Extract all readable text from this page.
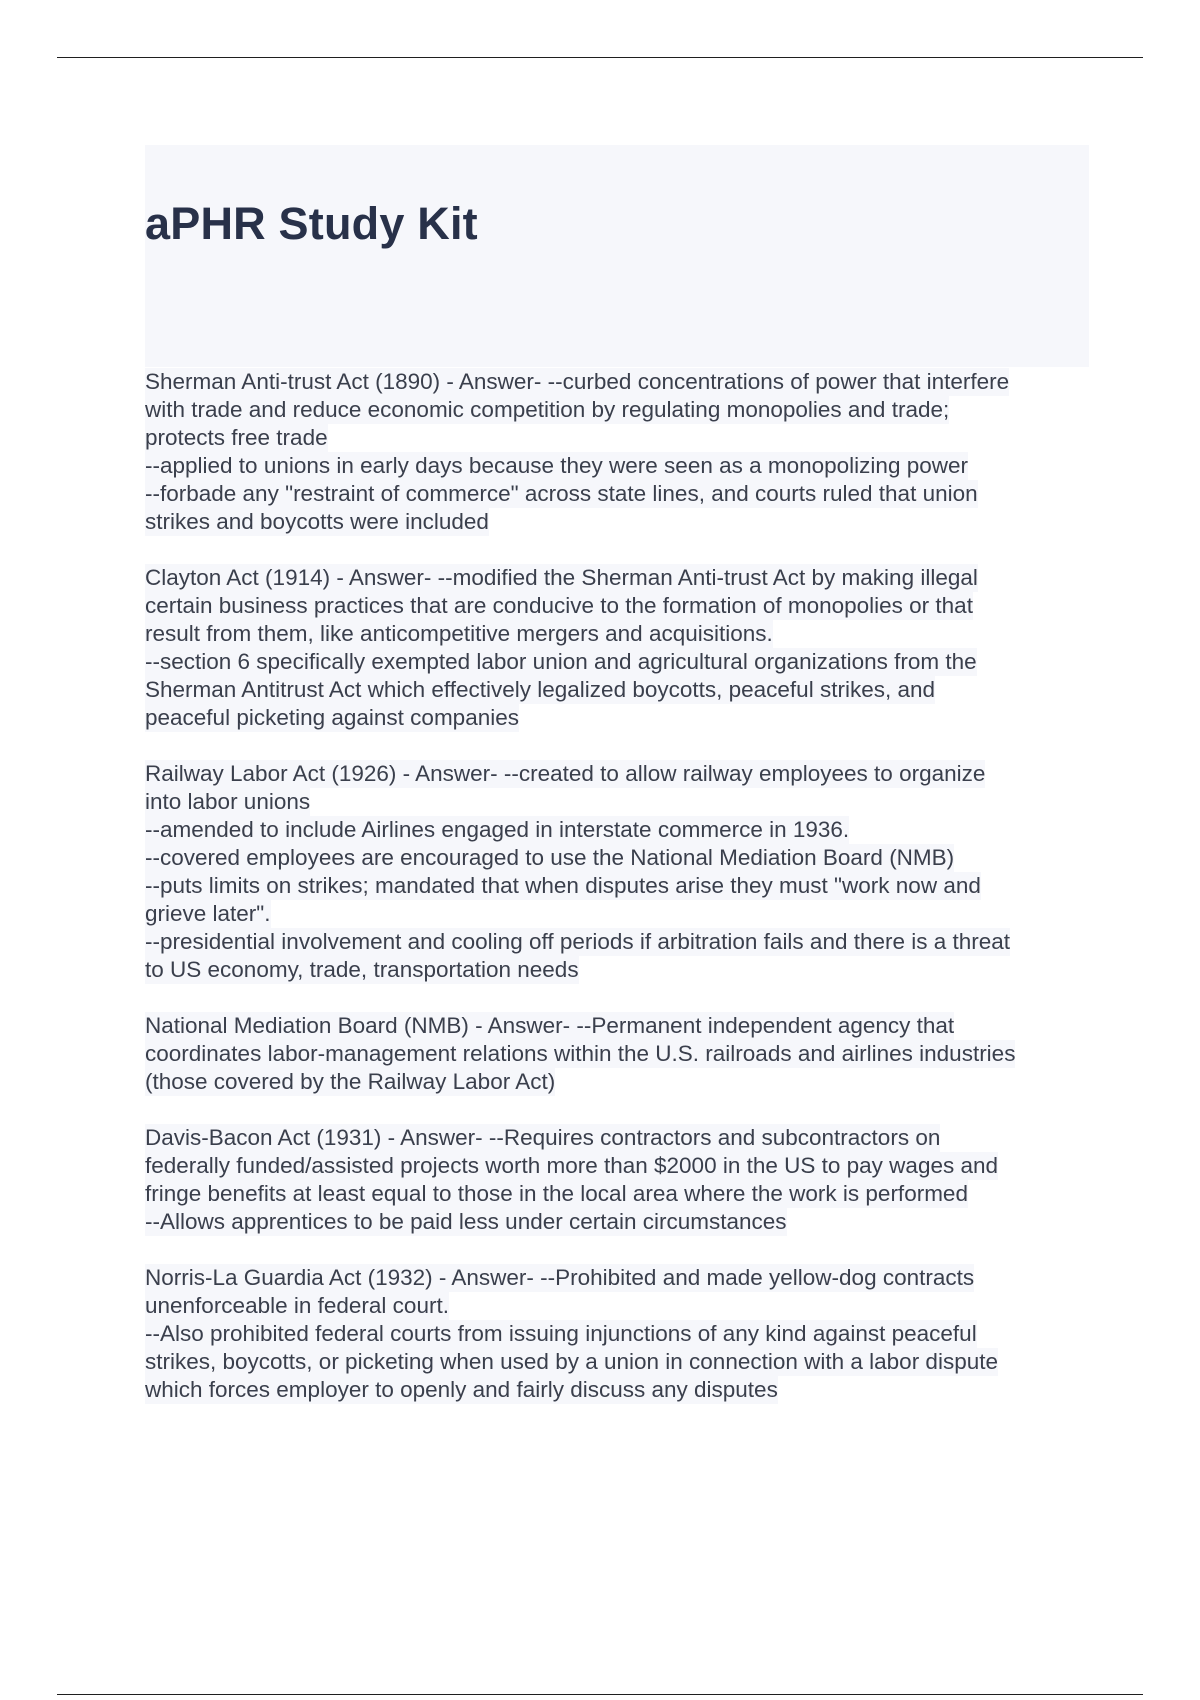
aPHR Study Kit
Sherman Anti-trust Act (1890) - Answer- --curbed concentrations of power that interfere
with trade and reduce economic competition by regulating monopolies and trade;
protects free trade
--applied to unions in early days because they were seen as a monopolizing power
--forbade any "restraint of commerce" across state lines, and courts ruled that union
strikes and boycotts were included
Clayton Act (1914) - Answer- --modified the Sherman Anti-trust Act by making illegal
certain business practices that are conducive to the formation of monopolies or that
result from them, like anticompetitive mergers and acquisitions.
--section 6 specifically exempted labor union and agricultural organizations from the
Sherman Antitrust Act which effectively legalized boycotts, peaceful strikes, and
peaceful picketing against companies
Railway Labor Act (1926) - Answer- --created to allow railway employees to organize
into labor unions
--amended to include Airlines engaged in interstate commerce in 1936.
--covered employees are encouraged to use the National Mediation Board (NMB)
--puts limits on strikes; mandated that when disputes arise they must "work now and
grieve later".
--presidential involvement and cooling off periods if arbitration fails and there is a threat
to US economy, trade, transportation needs
National Mediation Board (NMB) - Answer- --Permanent independent agency that
coordinates labor-management relations within the U.S. railroads and airlines industries
(those covered by the Railway Labor Act)
Davis-Bacon Act (1931) - Answer- --Requires contractors and subcontractors on
federally funded/assisted projects worth more than $2000 in the US to pay wages and
fringe benefits at least equal to those in the local area where the work is performed
--Allows apprentices to be paid less under certain circumstances
Norris-La Guardia Act (1932) - Answer- --Prohibited and made yellow-dog contracts
unenforceable in federal court.
--Also prohibited federal courts from issuing injunctions of any kind against peaceful
strikes, boycotts, or picketing when used by a union in connection with a labor dispute
which forces employer to openly and fairly discuss any disputes
